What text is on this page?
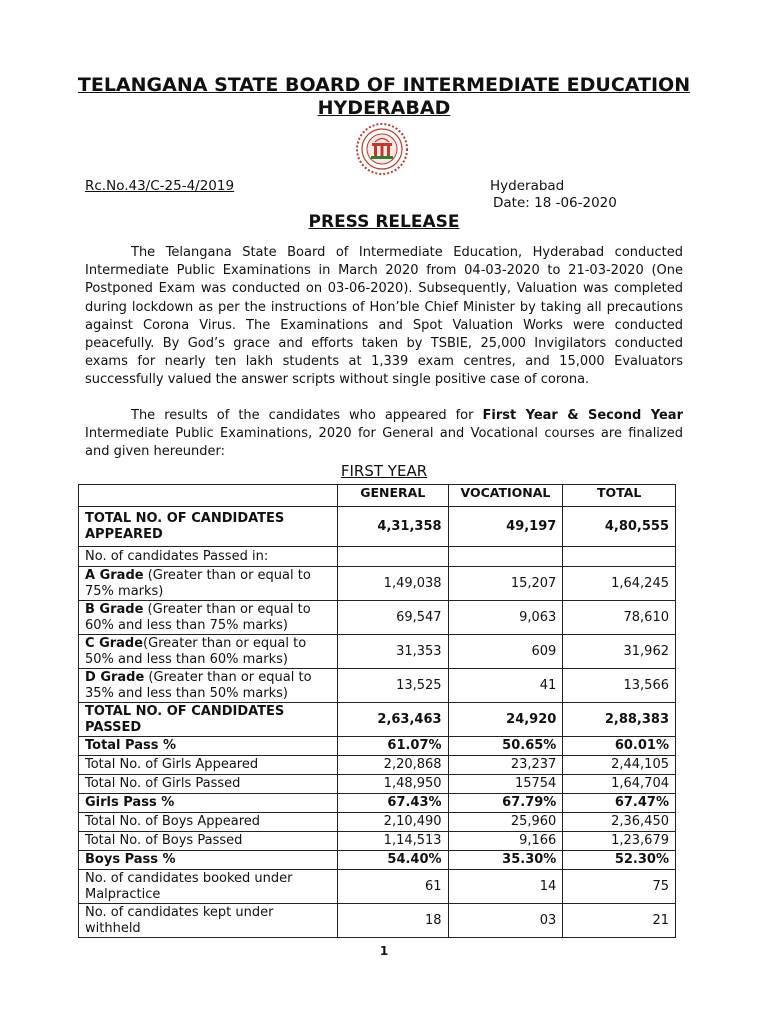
TELANGANA STATE BOARD OF INTERMEDIATE EDUCATION
HYDERABAD
Rc.No.43/C-25-4/2019	Hyderabad
Date: 18 -06-2020
PRESS RELEASE
The Telangana State Board of Intermediate Education, Hyderabad conducted Intermediate Public Examinations in March 2020 from 04-03-2020 to 21-03-2020 (One Postponed Exam was conducted on 03-06-2020). Subsequently, Valuation was completed during lockdown as per the instructions of Hon’ble Chief Minister by taking all precautions against Corona Virus. The Examinations and Spot Valuation Works were conducted peacefully. By God’s grace and efforts taken by TSBIE, 25,000 Invigilators conducted exams for nearly ten lakh students at 1,339 exam centres, and 15,000 Evaluators successfully valued the answer scripts without single positive case of corona.
The results of the candidates who appeared for First Year & Second Year Intermediate Public Examinations, 2020 for General and Vocational courses are finalized and given hereunder:
FIRST YEAR
	GENERAL	VOCATIONAL	TOTAL
TOTAL NO. OF CANDIDATES APPEARED	4,31,358	49,197	4,80,555
No. of candidates Passed in:			
A Grade (Greater than or equal to 75% marks)	1,49,038	15,207	1,64,245
B Grade (Greater than or equal to 60% and less than 75% marks)	69,547	9,063	78,610
C Grade(Greater than or equal to 50% and less than 60% marks)	31,353	609	31,962
D Grade (Greater than or equal to 35% and less than 50% marks)	13,525	41	13,566
TOTAL NO. OF CANDIDATES PASSED	2,63,463	24,920	2,88,383
Total Pass %	61.07%	50.65%	60.01%
Total No. of Girls Appeared	2,20,868	23,237	2,44,105
Total No. of Girls Passed	1,48,950	15754	1,64,704
Girls Pass %	67.43%	67.79%	67.47%
Total No. of Boys Appeared	2,10,490	25,960	2,36,450
Total No. of Boys Passed	1,14,513	9,166	1,23,679
Boys Pass %	54.40%	35.30%	52.30%
No. of candidates booked under Malpractice	61	14	75
No. of candidates kept under withheld	18	03	21
1
